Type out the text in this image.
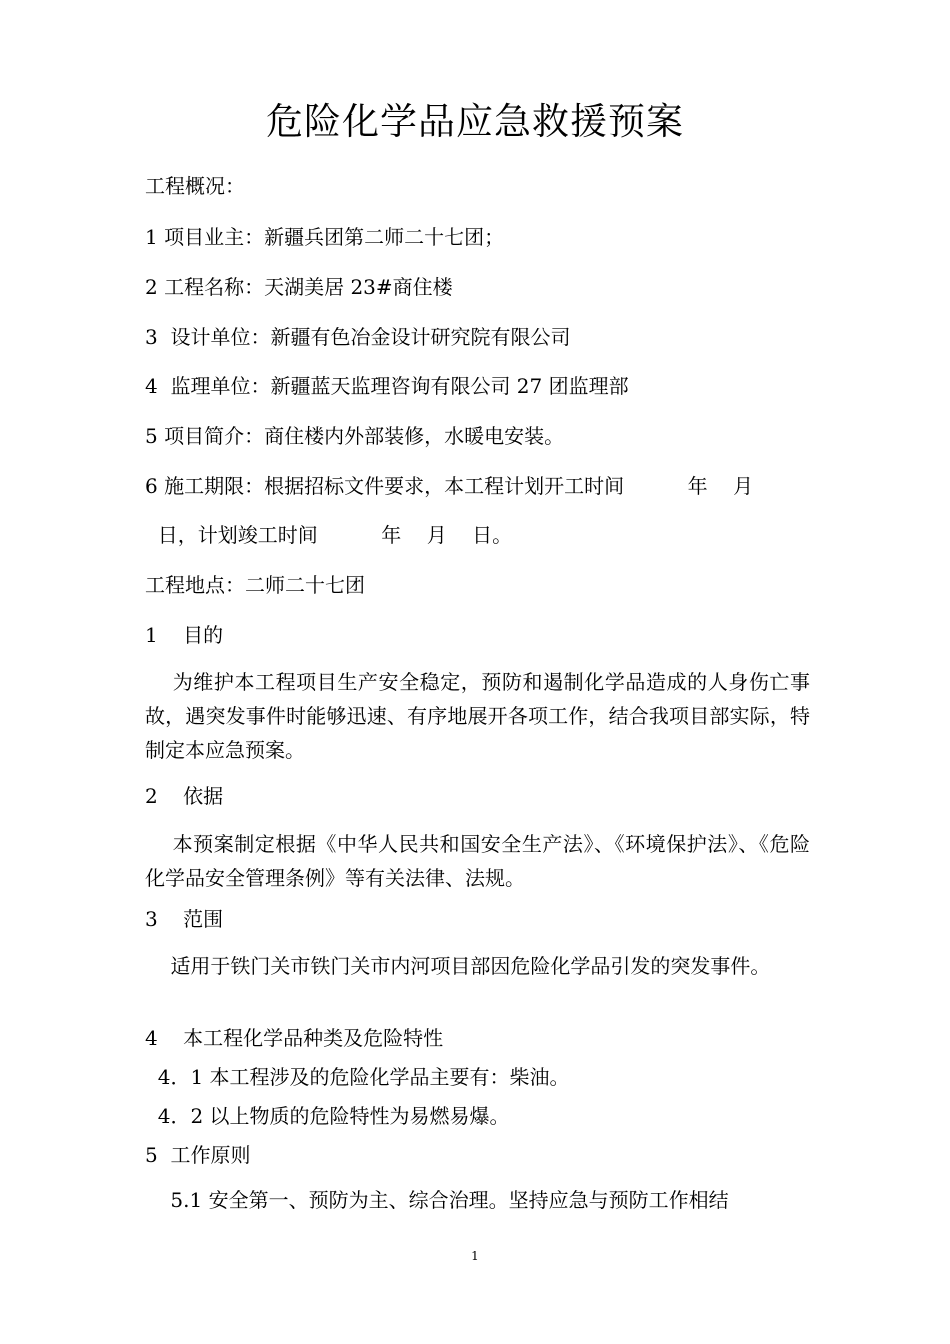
危险化学品应急救援预案
工程概况：
1 项目业主：新疆兵团第二师二十七团；
2 工程名称：天湖美居 23#商住楼
3  设计单位：新疆有色冶金设计研究院有限公司
4  监理单位：新疆蓝天监理咨询有限公司 27 团监理部
5 项目简介：商住楼内外部装修，水暖电安装。
6 施工期限：根据招标文件要求，本工程计划开工时间          年    月
日，计划竣工时间          年    月    日。
工程地点：二师二十七团
1    目的
为维护本工程项目生产安全稳定，预防和遏制化学品造成的人身伤亡事故，遇突发事件时能够迅速、有序地展开各项工作，结合我项目部实际，特制定本应急预案。
2    依据
本预案制定根据《中华人民共和国安全生产法》、《环境保护法》、《危险化学品安全管理条例》等有关法律、法规。
3    范围
适用于铁门关市铁门关市内河项目部因危险化学品引发的突发事件。
4    本工程化学品种类及危险特性
4．1 本工程涉及的危险化学品主要有：柴油。
4．2 以上物质的危险特性为易燃易爆。
5  工作原则
5.1 安全第一、预防为主、综合治理。坚持应急与预防工作相结
1
